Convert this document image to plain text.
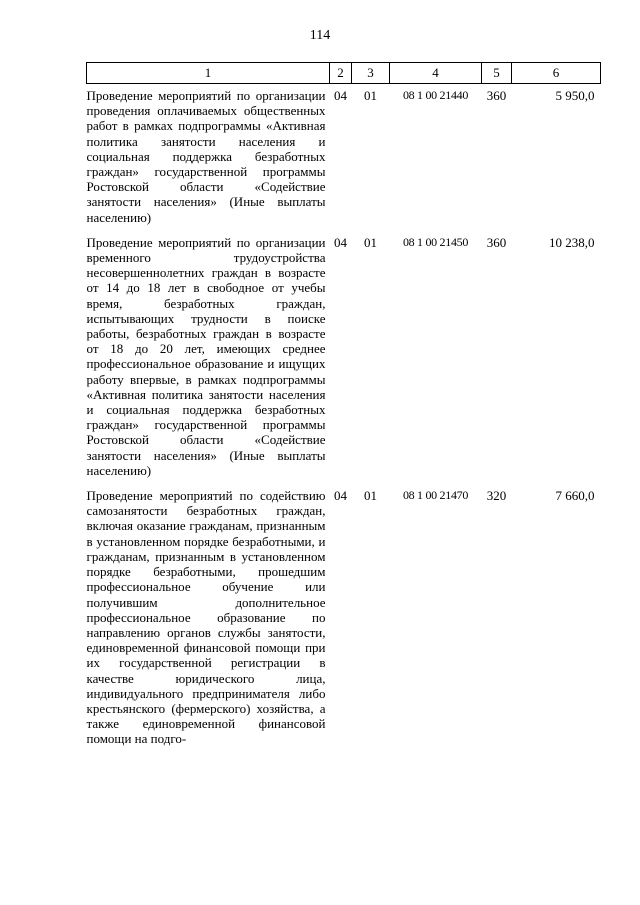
114
1	2	3	4	5	6

Проведение мероприятий по организации проведения оплачиваемых общественных работ в рамках подпрограммы «Активная политика занятости населения и социальная поддержка безработных граждан» государственной программы Ростовской области «Содействие занятости населения» (Иные выплаты населению)	04	01	08 1 00 21440	360	5 950,0

Проведение мероприятий по организации временного трудоустройства несовершеннолетних граждан в возрасте от 14 до 18 лет в свободное от учебы время, безработных граждан, испытывающих трудности в поиске работы, безработных граждан в возрасте от 18 до 20 лет, имеющих среднее профессиональное образование и ищущих работу впервые, в рамках подпрограммы «Активная политика занятости населения и социальная поддержка безработных граждан» государственной программы Ростовской области «Содействие занятости населения» (Иные выплаты населению)	04	01	08 1 00 21450	360	10 238,0

Проведение мероприятий по содействию самозанятости безработных граждан, включая оказание гражданам, признанным в установленном порядке безработными, и гражданам, признанным в установленном порядке безработными, прошедшим профессиональное обучение или получившим дополнительное профессиональное образование по направлению органов службы занятости, единовременной финансовой помощи при их государственной регистрации в качестве юридического лица, индивидуального предпринимателя либо крестьянского (фермерского) хозяйства, а также единовременной финансовой помощи на подго-	04	01	08 1 00 21470	320	7 660,0
